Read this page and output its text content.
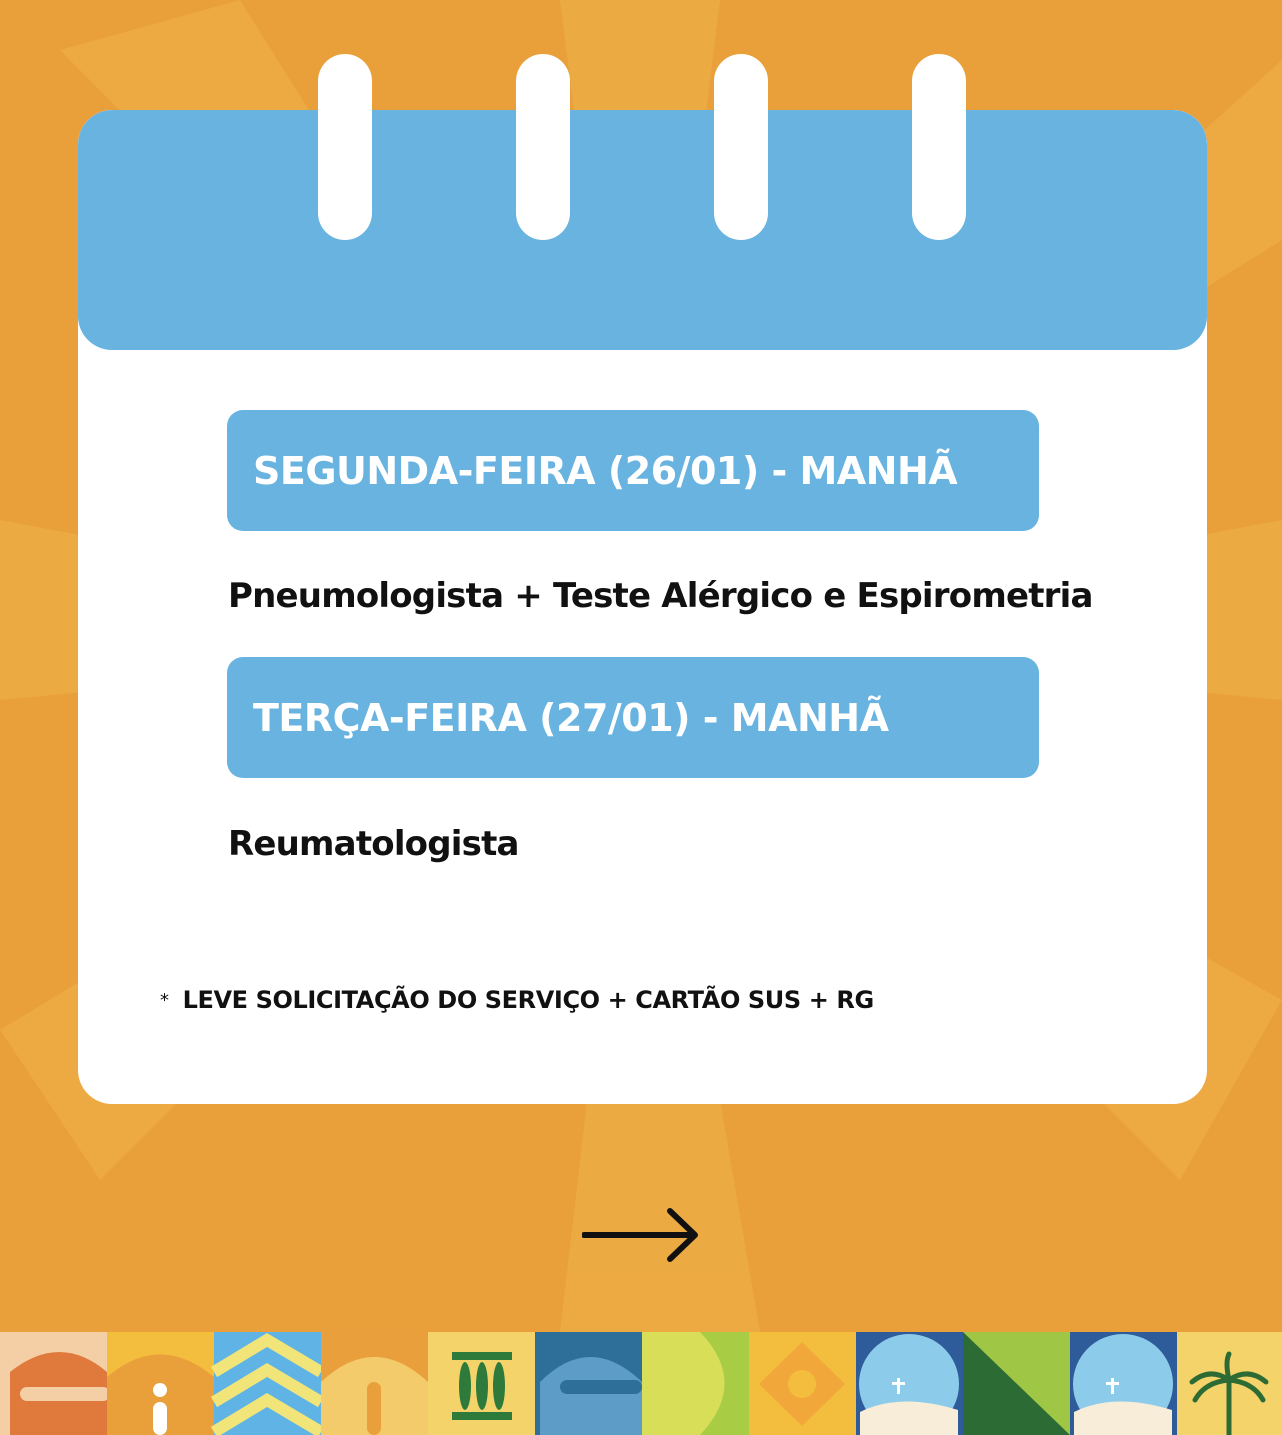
SEGUNDA-FEIRA (26/01) - MANHÃ
Pneumologista + Teste Alérgico e Espirometria
TERÇA-FEIRA (27/01) - MANHÃ
Reumatologista
* LEVE SOLICITAÇÃO DO SERVIÇO + CARTÃO SUS + RG
